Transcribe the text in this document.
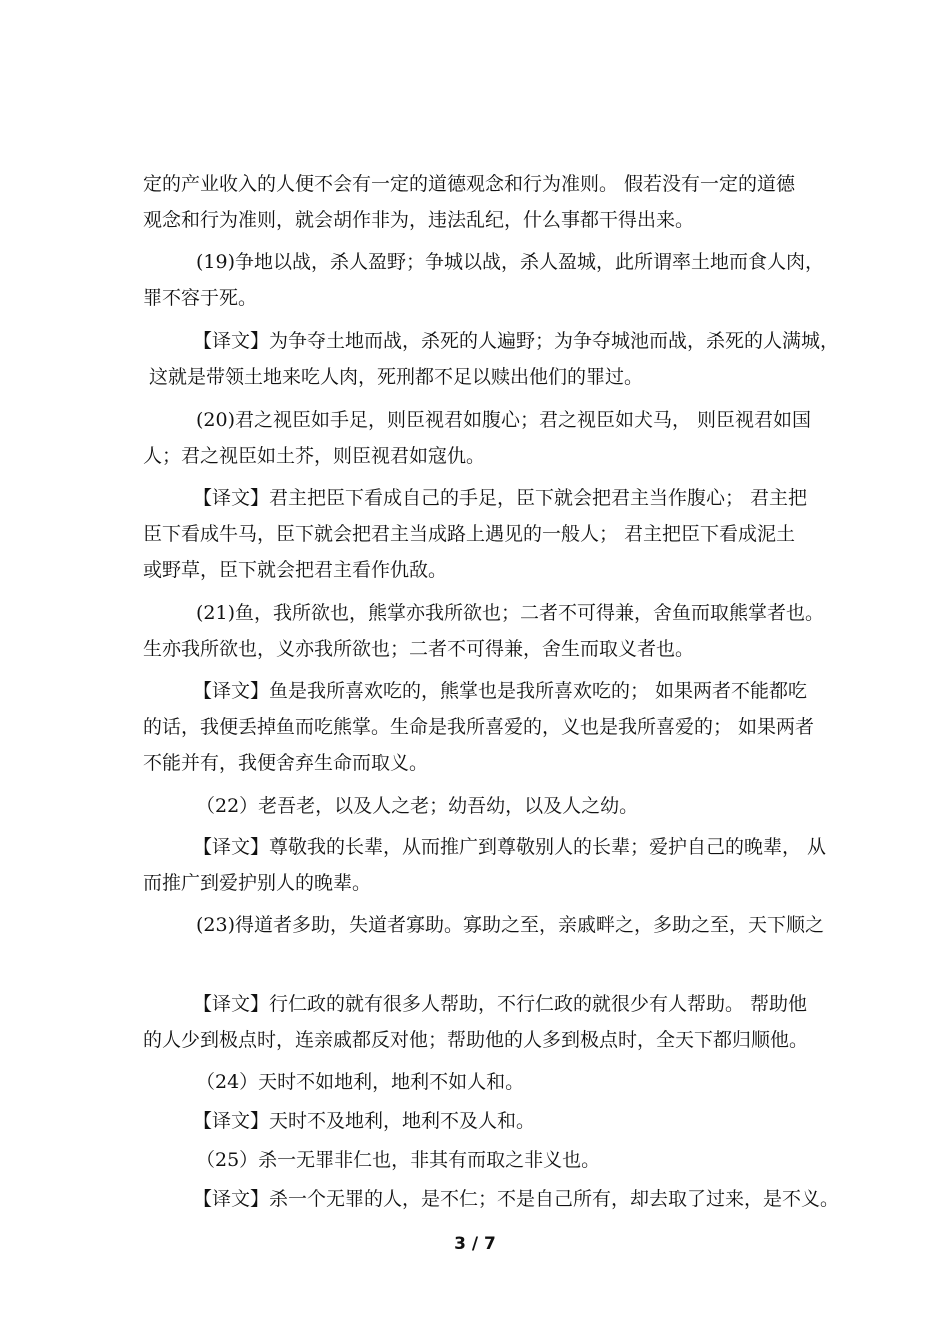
定的产业收入的人便不会有一定的道德观念和行为准则。 假若没有一定的道德
观念和行为准则，就会胡作非为，违法乱纪，什么事都干得出来。
(19)争地以战，杀人盈野；争城以战，杀人盈城，此所谓率土地而食人肉，
罪不容于死。
【译文】为争夺土地而战，杀死的人遍野；为争夺城池而战，杀死的人满城，
这就是带领土地来吃人肉，死刑都不足以赎出他们的罪过。
(20)君之视臣如手足，则臣视君如腹心；君之视臣如犬马， 则臣视君如国
人；君之视臣如土芥，则臣视君如寇仇。
【译文】君主把臣下看成自己的手足，臣下就会把君主当作腹心； 君主把
臣下看成牛马，臣下就会把君主当成路上遇见的一般人； 君主把臣下看成泥土
或野草，臣下就会把君主看作仇敌。
(21)鱼，我所欲也，熊掌亦我所欲也；二者不可得兼，舍鱼而取熊掌者也。
生亦我所欲也，义亦我所欲也；二者不可得兼，舍生而取义者也。
【译文】鱼是我所喜欢吃的，熊掌也是我所喜欢吃的； 如果两者不能都吃
的话，我便丢掉鱼而吃熊掌。生命是我所喜爱的，义也是我所喜爱的； 如果两者
不能并有，我便舍弃生命而取义。
（22）老吾老，以及人之老；幼吾幼，以及人之幼。
【译文】尊敬我的长辈，从而推广到尊敬别人的长辈；爱护自己的晚辈， 从
而推广到爱护别人的晚辈。
(23)得道者多助，失道者寡助。寡助之至，亲戚畔之，多助之至，天下顺之
【译文】行仁政的就有很多人帮助，不行仁政的就很少有人帮助。 帮助他
的人少到极点时，连亲戚都反对他；帮助他的人多到极点时，全天下都归顺他。
（24）天时不如地利，地利不如人和。
【译文】天时不及地利，地利不及人和。
（25）杀一无罪非仁也，非其有而取之非义也。
【译文】杀一个无罪的人，是不仁；不是自己所有，却去取了过来，是不义。
3 / 7
